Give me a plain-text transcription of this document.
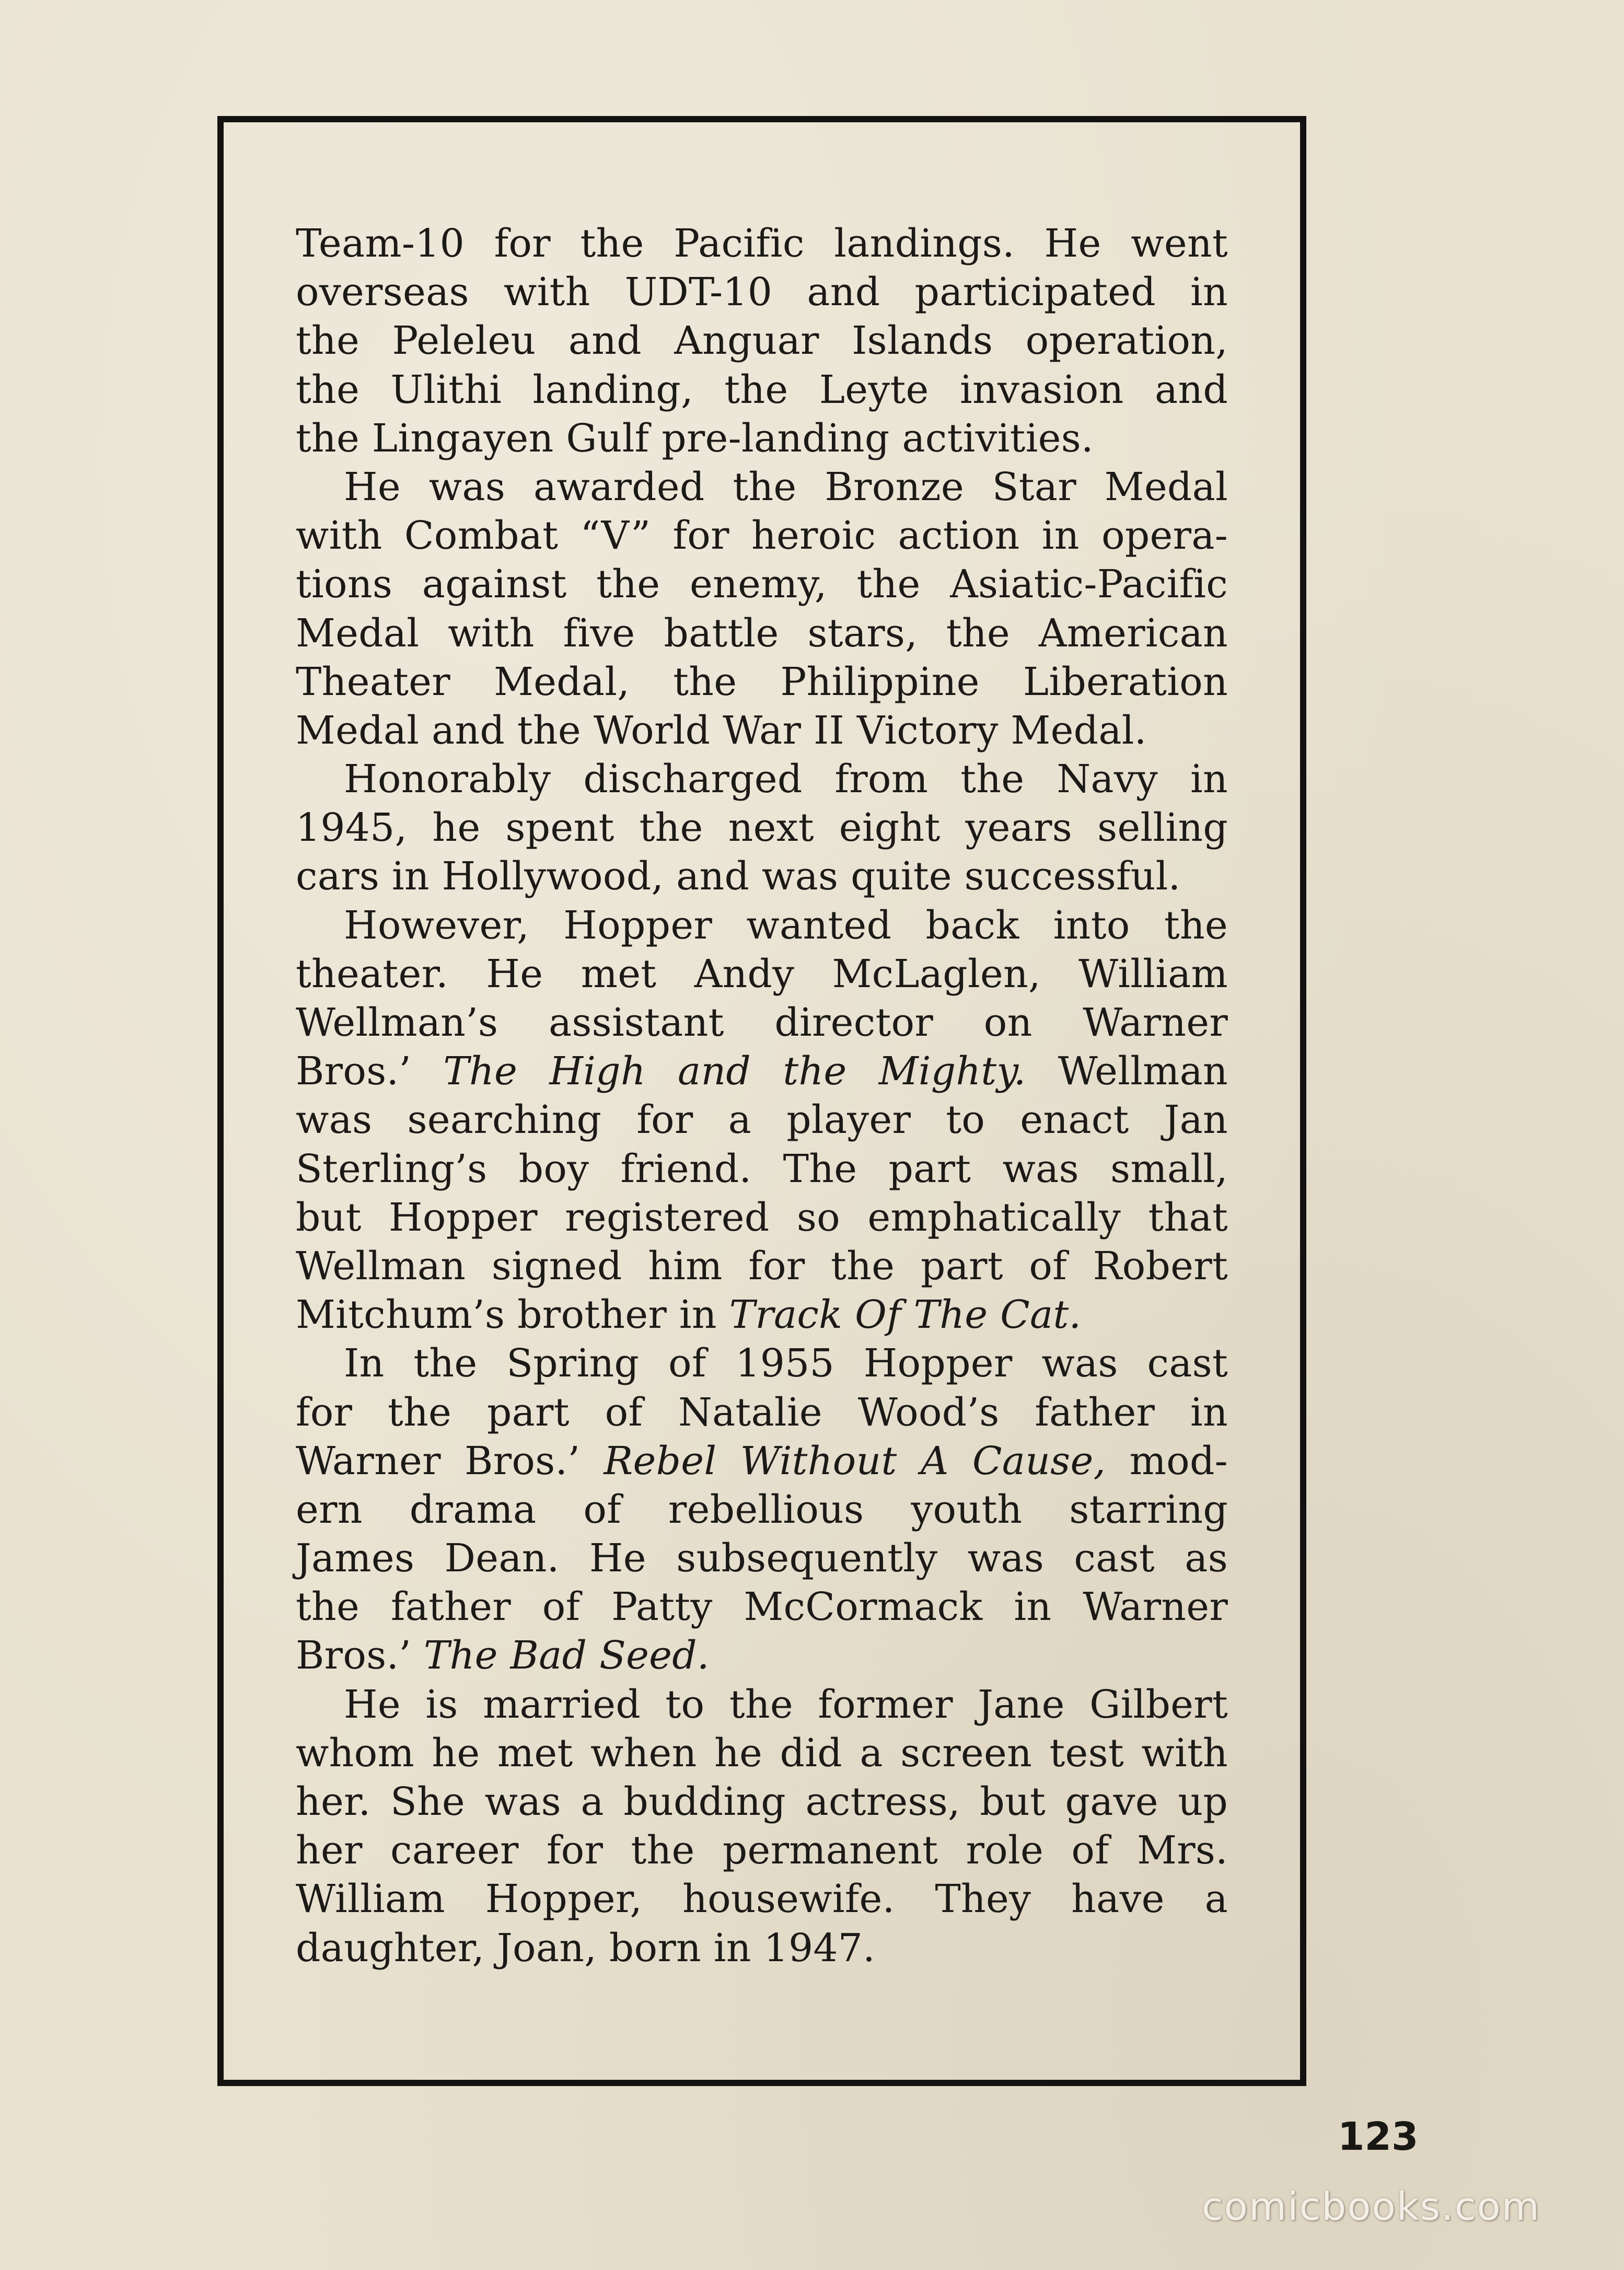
Team-10 for the Pacific landings. He went
overseas with UDT-10 and participated in
the Peleleu and Anguar Islands operation,
the Ulithi landing, the Leyte invasion and
the Lingayen Gulf pre-landing activities.
He was awarded the Bronze Star Medal
with Combat “V” for heroic action in opera-
tions against the enemy, the Asiatic-Pacific
Medal with five battle stars, the American
Theater Medal, the Philippine Liberation
Medal and the World War II Victory Medal.
Honorably discharged from the Navy in
1945, he spent the next eight years selling
cars in Hollywood, and was quite successful.
However, Hopper wanted back into the
theater. He met Andy McLaglen, William
Wellman’s assistant director on Warner
Bros.’ The High and the Mighty. Wellman
was searching for a player to enact Jan
Sterling’s boy friend. The part was small,
but Hopper registered so emphatically that
Wellman signed him for the part of Robert
Mitchum’s brother in Track Of The Cat.
In the Spring of 1955 Hopper was cast
for the part of Natalie Wood’s father in
Warner Bros.’ Rebel Without A Cause, mod-
ern drama of rebellious youth starring
James Dean. He subsequently was cast as
the father of Patty McCormack in Warner
Bros.’ The Bad Seed.
He is married to the former Jane Gilbert
whom he met when he did a screen test with
her. She was a budding actress, but gave up
her career for the permanent role of Mrs.
William Hopper, housewife. They have a
daughter, Joan, born in 1947.
123
comicbooks.com
